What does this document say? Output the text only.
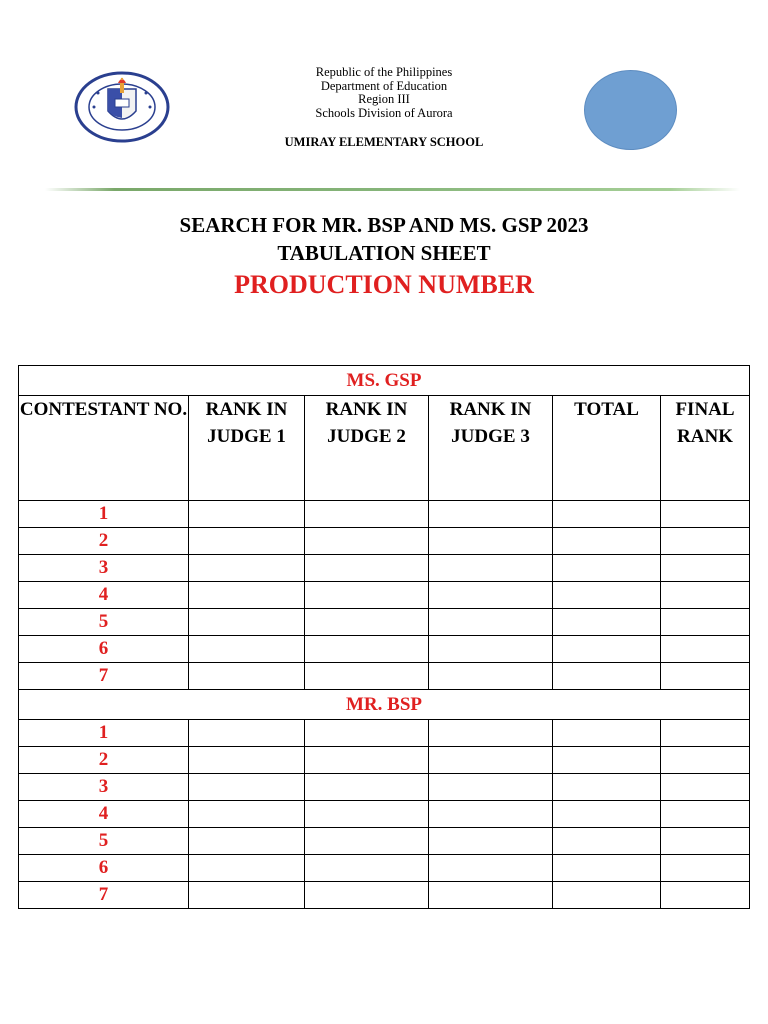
Republic of the Philippines
Department of Education
Region III
Schools Division of Aurora
UMIRAY ELEMENTARY SCHOOL
SEARCH FOR MR. BSP AND MS. GSP 2023
TABULATION SHEET
PRODUCTION NUMBER
MS. GSP					
CONTESTANT NO.	RANK IN JUDGE 1	RANK IN JUDGE 2	RANK IN JUDGE 3	TOTAL	FINAL RANK
1					
2					
3					
4					
5					
6					
7					
MR. BSP					
1					
2					
3					
4					
5					
6					
7					
